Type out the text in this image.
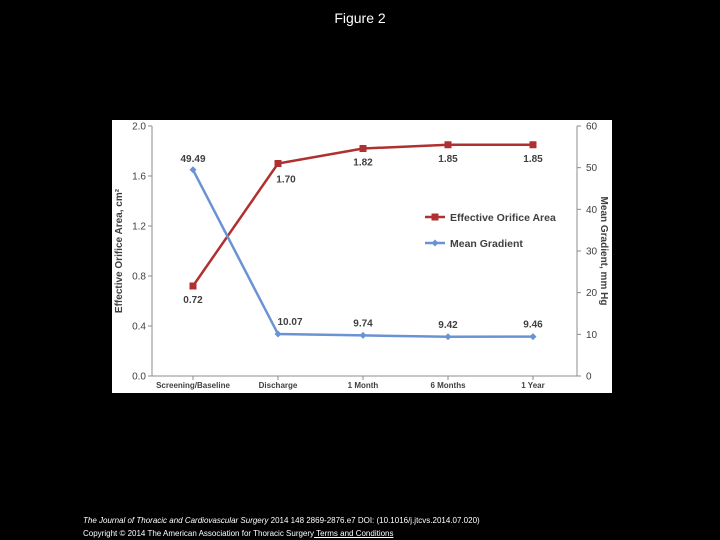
Figure 2
0.0
0.4
0.8
1.2
1.6
2.0
0
10
20
30
40
50
60
Screening/Baseline	Discharge	1 Month	6 Months	1 Year
Effective Orifice Area, cm²	Mean Gradient, mm Hg
0.72
1.70
1.82	1.85	1.85
49.49
10.07	9.74	9.42	9.46
Effective Orifice Area
Mean Gradient
The Journal of Thoracic and Cardiovascular Surgery 2014 148 2869-2876.e7 DOI: (10.1016/j.jtcvs.2014.07.020)
Copyright © 2014 The American Association for Thoracic Surgery Terms and Conditions
